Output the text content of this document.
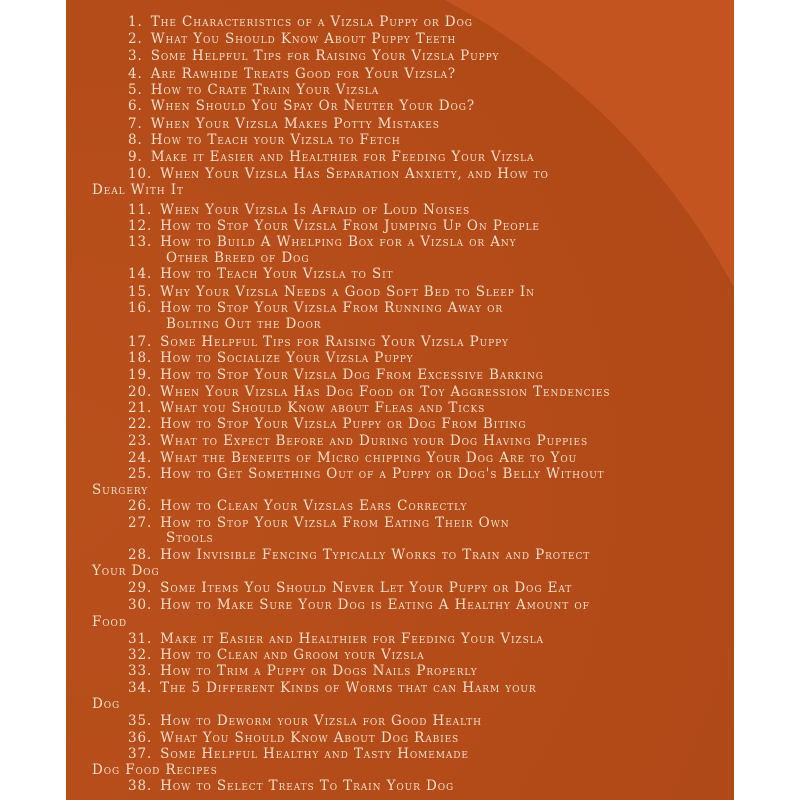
1. The Characteristics of a Vizsla Puppy or Dog
2. What You Should Know About Puppy Teeth
3. Some Helpful Tips for Raising Your Vizsla Puppy
4. Are Rawhide Treats Good for Your Vizsla?
5. How to Crate Train Your Vizsla
6. When Should You Spay Or Neuter Your Dog?
7. When Your Vizsla Makes Potty Mistakes
8. How to Teach your Vizsla to Fetch
9. Make it Easier and Healthier for Feeding Your Vizsla
10. When Your Vizsla Has Separation Anxiety, and How to
Deal With It
11. When Your Vizsla Is Afraid of Loud Noises
12. How to Stop Your Vizsla From Jumping Up On People
13. How to Build A Whelping Box for a Vizsla or Any
Other Breed of Dog
14. How to Teach Your Vizsla to Sit
15. Why Your Vizsla Needs a Good Soft Bed to Sleep In
16. How to Stop Your Vizsla From Running Away or
Bolting Out the Door
17. Some Helpful Tips for Raising Your Vizsla Puppy
18. How to Socialize Your Vizsla Puppy
19. How to Stop Your Vizsla Dog From Excessive Barking
20. When Your Vizsla Has Dog Food or Toy Aggression Tendencies
21. What you Should Know about Fleas and Ticks
22. How to Stop Your Vizsla Puppy or Dog From Biting
23. What to Expect Before and During your Dog Having Puppies
24. What the Benefits of Micro chipping Your Dog Are to You
25. How to Get Something Out of a Puppy or Dog's Belly Without
Surgery
26. How to Clean Your Vizslas Ears Correctly
27. How to Stop Your Vizsla From Eating Their Own
Stools
28. How Invisible Fencing Typically Works to Train and Protect
Your Dog
29. Some Items You Should Never Let Your Puppy or Dog Eat
30. How to Make Sure Your Dog is Eating A Healthy Amount of
Food
31. Make it Easier and Healthier for Feeding Your Vizsla
32. How to Clean and Groom your Vizsla
33. How to Trim a Puppy or Dogs Nails Properly
34. The 5 Different Kinds of Worms that can Harm your
Dog
35. How to Deworm your Vizsla for Good Health
36. What You Should Know About Dog Rabies
37. Some Helpful Healthy and Tasty Homemade
Dog Food Recipes
38. How to Select Treats To Train Your Dog
